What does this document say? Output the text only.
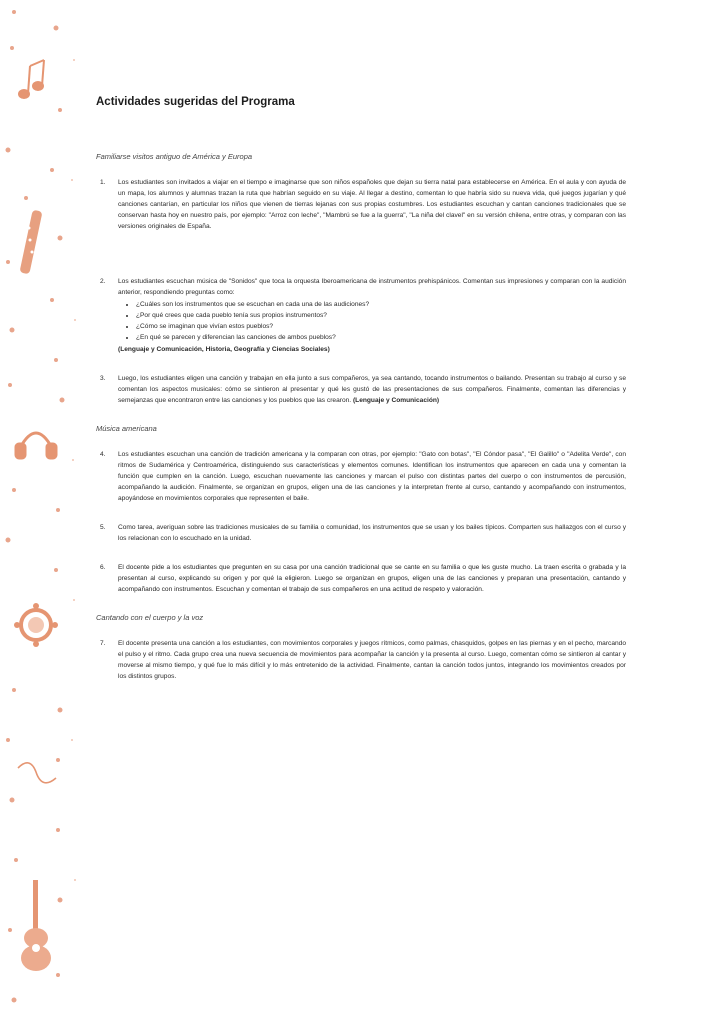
Actividades sugeridas del Programa
Familiarse visitos antiguo de América y Europa
1.	Los estudiantes son invitados a viajar en el tiempo e imaginarse que son niños españoles que dejan su tierra natal para establecerse en América. En el aula y con ayuda de un mapa, los alumnos y alumnas trazan la ruta que habrían seguido en su viaje. Al llegar a destino, comentan lo que habría sido su nueva vida, qué juegos jugarían y qué canciones cantarían, en particular los niños que vienen de tierras lejanas con sus propias costumbres. Los estudiantes escuchan y cantan canciones tradicionales que se conservan hasta hoy en nuestro país, por ejemplo: "Arroz con leche", "Mambrú se fue a la guerra", "La niña del clavel" en su versión chilena, entre otras, y comparan con las versiones originales de España.

2.	Los estudiantes escuchan música de "Sonidos" que toca la orquesta Iberoamericana de instrumentos prehispánicos. Comentan sus impresiones y comparan con la audición anterior, respondiendo preguntas como:

• ¿Cuáles son los instrumentos que se escuchan en cada una de las audiciones?
• ¿Por qué crees que cada pueblo tenía sus propios instrumentos?
• ¿Cómo se imaginan que vivían estos pueblos?
• ¿En qué se parecen y diferencian las canciones de ambos pueblos?

(Lenguaje y Comunicación, Historia, Geografía y Ciencias Sociales)

3.	Luego, los estudiantes eligen una canción y trabajan en ella junto a sus compañeros, ya sea cantando, tocando instrumentos o bailando. Presentan su trabajo al curso y se comentan los aspectos musicales: cómo se sintieron al presentar y qué les gustó de las presentaciones de sus compañeros. Finalmente, comentan las diferencias y semejanzas que encontraron entre las canciones y los pueblos que las crearon. (Lenguaje y Comunicación)

Música americana
4.	Los estudiantes escuchan una canción de tradición americana y la comparan con otras, por ejemplo: "Gato con botas", "El Cóndor pasa", "El Galillo" o "Adelita Verde", con ritmos de Sudamérica y Centroamérica, distinguiendo sus características y elementos comunes. Identifican los instrumentos que aparecen en cada una y comentan la función que cumplen en la canción. Luego, escuchan nuevamente las canciones y marcan el pulso con distintas partes del cuerpo o con instrumentos de percusión, acompañando la audición. Finalmente, se organizan en grupos, eligen una de las canciones y la interpretan frente al curso, cantando y acompañando con instrumentos, apoyándose en movimientos corporales que representen el baile.

5.	Como tarea, averiguan sobre las tradiciones musicales de su familia o comunidad, los instrumentos que se usan y los bailes típicos. Comparten sus hallazgos con el curso y los relacionan con lo escuchado en la unidad.

6.	El docente pide a los estudiantes que pregunten en su casa por una canción tradicional que se cante en su familia o que les guste mucho. La traen escrita o grabada y la presentan al curso, explicando su origen y por qué la eligieron. Luego se organizan en grupos, eligen una de las canciones y preparan una presentación, cantando y acompañando con instrumentos. Escuchan y comentan el trabajo de sus compañeros en una actitud de respeto y valoración.

Cantando con el cuerpo y la voz
7.	El docente presenta una canción a los estudiantes, con movimientos corporales y juegos rítmicos, como palmas, chasquidos, golpes en las piernas y en el pecho, marcando el pulso y el ritmo. Cada grupo crea una nueva secuencia de movimientos para acompañar la canción y la presenta al curso. Luego, comentan cómo se sintieron al cantar y moverse al mismo tiempo, y qué fue lo más difícil y lo más entretenido de la actividad. Finalmente, cantan la canción todos juntos, integrando los movimientos creados por los distintos grupos.
